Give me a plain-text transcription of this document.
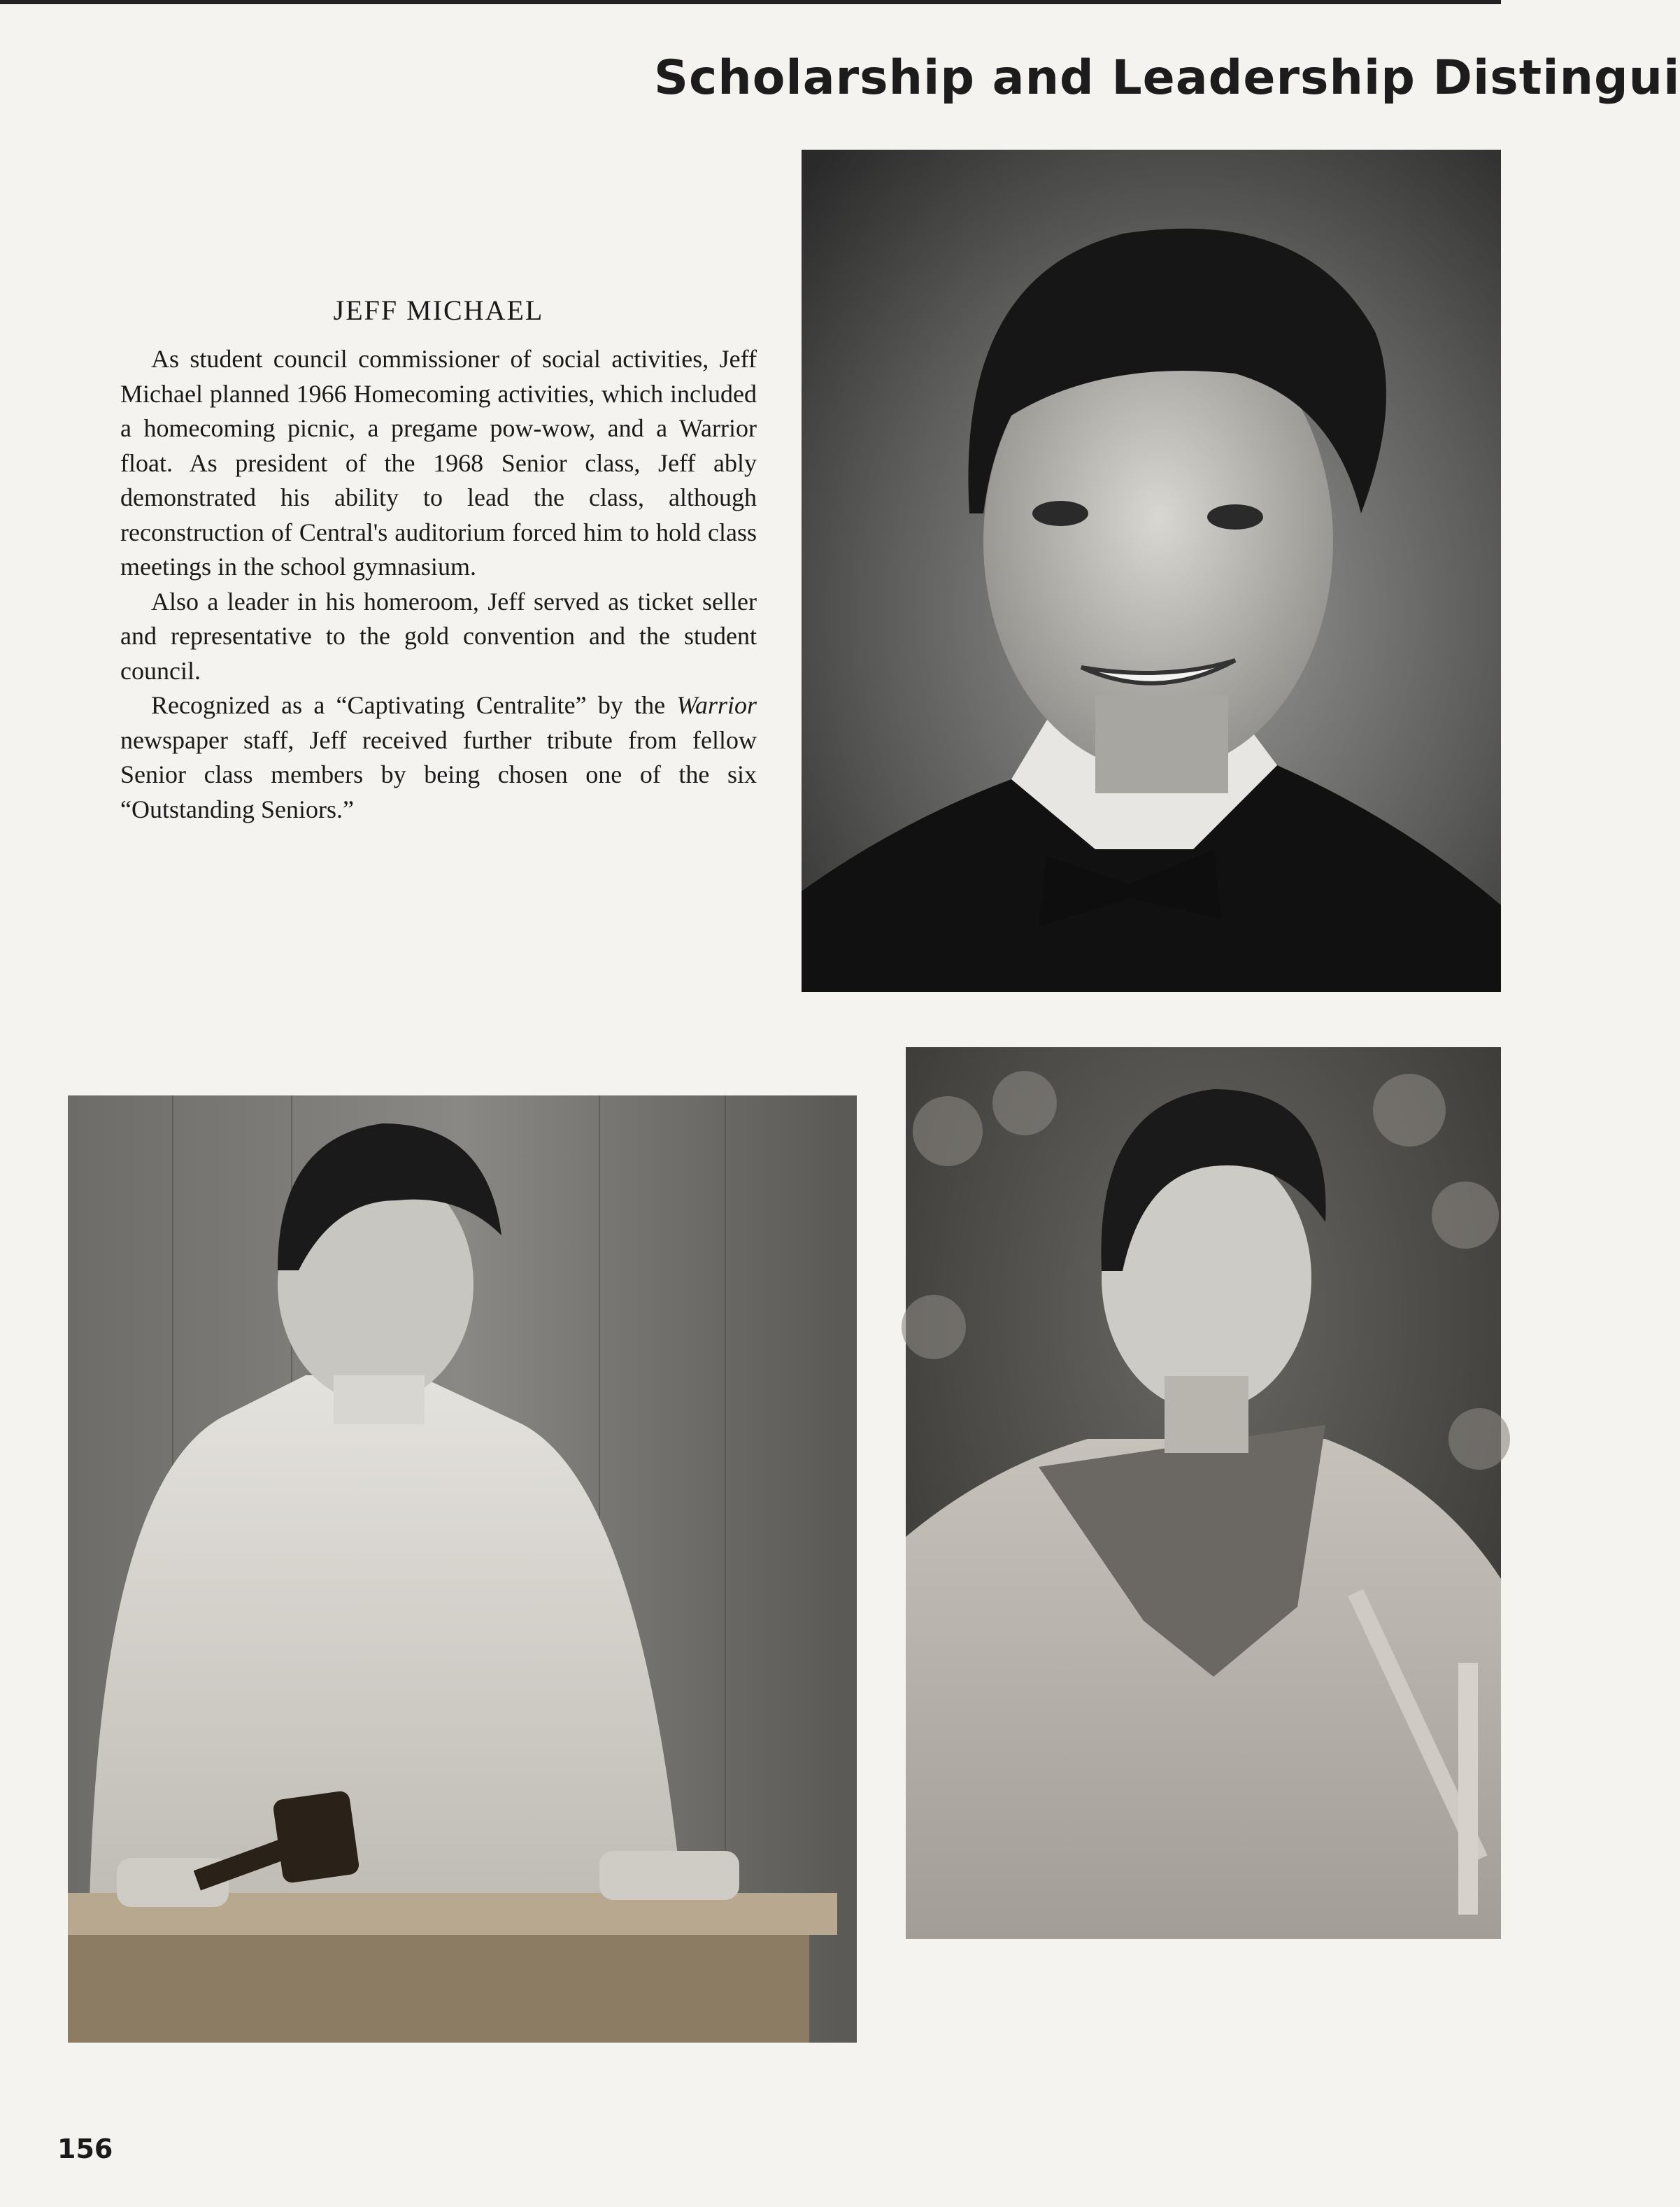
Scholarship and Leadership Distingui
JEFF MICHAEL

As student council commissioner of social activities, Jeff Michael planned 1966 Homecoming activities, which included a homecoming picnic, a pregame pow-wow, and a Warrior float. As president of the 1968 Senior class, Jeff ably demonstrated his ability to lead the class, although reconstruction of Central's auditorium forced him to hold class meetings in the school gymnasium.

Also a leader in his homeroom, Jeff served as ticket seller and representative to the gold convention and the student council.

Recognized as a “Captivating Centralite” by the Warrior newspaper staff, Jeff received further tribute from fellow Senior class members by being chosen one of the six “Outstanding Seniors.”

156
